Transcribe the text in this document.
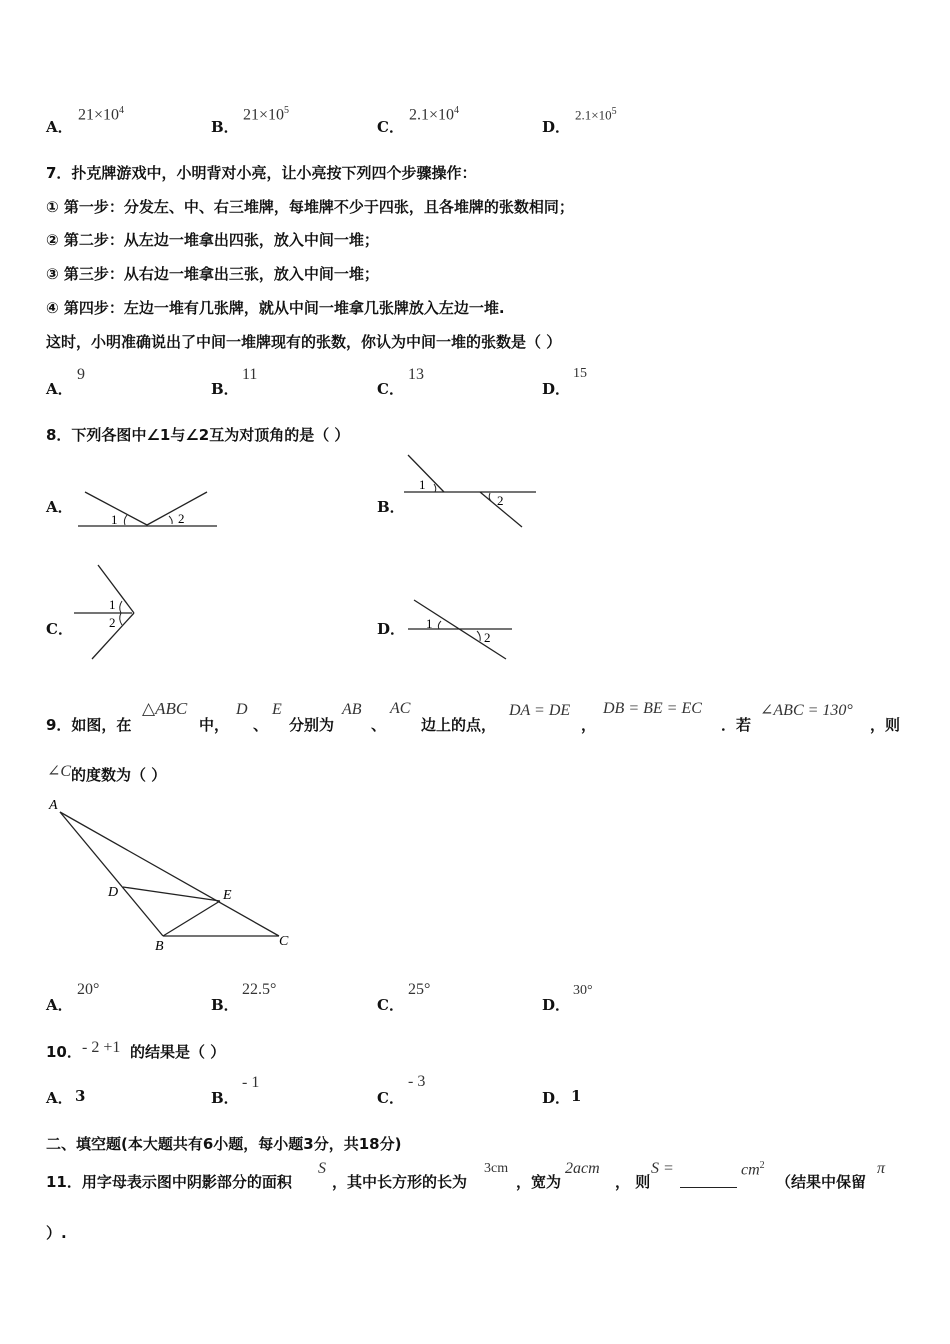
A．
$21\times 10^4$
B．
$21\times 10^5$
C．
$2.1\times 10^4$
D．
$2.1\times 10^5$
7．扑克牌游戏中，小明背对小亮，让小亮按下列四个步骤操作：
① 第一步：分发左、中、右三堆牌，每堆牌不少于四张，且各堆牌的张数相同；
② 第二步：从左边一堆拿出四张，放入中间一堆；
③ 第三步：从右边一堆拿出三张，放入中间一堆；
④ 第四步：左边一堆有几张牌，就从中间一堆拿几张牌放入左边一堆.
这时，小明准确说出了中间一堆牌现有的张数，你认为中间一堆的张数是（ ）
A．
9
B．
11
C．
13
D．
15
8．下列各图中∠1与∠2互为对顶角的是（ ）
A．
1	2
B．
1
2
C．
1
2	D． 1
2
9．如图，在
△ABC
中，
D
、
E
分别为
AB
、
AC
边上的点，
DA = DE
，
DB = BE = EC
．若
∠ABC = 130°
，则
∠C 的度数为（ ）
A
D	E
B	C
A．
20°
B．
22.5°
C．
25°
D．
30°
10． - 2 +1 的结果是（ ）
A． 3	B．
- 1
C．
- 3
D． 1
二、填空题(本大题共有6小题，每小题3分，共18分)
11．用字母表示图中阴影部分的面积
S
，其中长方形的长为
3cm
，宽为
2acm
， 则
S =	$cm^2$
（结果中保留
π
）.
